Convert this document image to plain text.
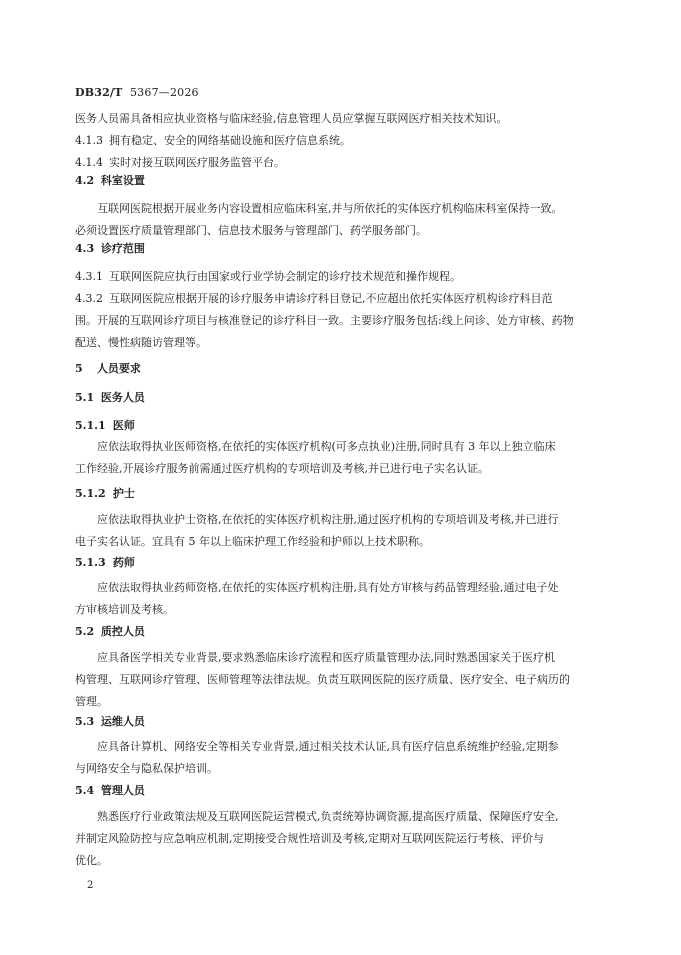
DB32/T 5367—2026
医务人员需具备相应执业资格与临床经验,信息管理人员应掌握互联网医疗相关技术知识。
4.1.3 拥有稳定、安全的网络基础设施和医疗信息系统。
4.1.4 实时对接互联网医疗服务监管平台。
4.2 科室设置
互联网医院根据开展业务内容设置相应临床科室,并与所依托的实体医疗机构临床科室保持一致。
必须设置医疗质量管理部门、信息技术服务与管理部门、药学服务部门。
4.3 诊疗范围
4.3.1 互联网医院应执行由国家或行业学协会制定的诊疗技术规范和操作规程。
4.3.2 互联网医院应根据开展的诊疗服务申请诊疗科目登记,不应超出依托实体医疗机构诊疗科目范
围。开展的互联网诊疗项目与核准登记的诊疗科目一致。主要诊疗服务包括:线上问诊、处方审核、药物
配送、慢性病随访管理等。
5 人员要求
5.1 医务人员
5.1.1 医师
应依法取得执业医师资格,在依托的实体医疗机构(可多点执业)注册,同时具有 3 年以上独立临床
工作经验,开展诊疗服务前需通过医疗机构的专项培训及考核,并已进行电子实名认证。
5.1.2 护士
应依法取得执业护士资格,在依托的实体医疗机构注册,通过医疗机构的专项培训及考核,并已进行
电子实名认证。宜具有 5 年以上临床护理工作经验和护师以上技术职称。
5.1.3 药师
应依法取得执业药师资格,在依托的实体医疗机构注册,具有处方审核与药品管理经验,通过电子处
方审核培训及考核。
5.2 质控人员
应具备医学相关专业背景,要求熟悉临床诊疗流程和医疗质量管理办法,同时熟悉国家关于医疗机
构管理、互联网诊疗管理、医师管理等法律法规。负责互联网医院的医疗质量、医疗安全、电子病历的
管理。
5.3 运维人员
应具备计算机、网络安全等相关专业背景,通过相关技术认证,具有医疗信息系统维护经验,定期参
与网络安全与隐私保护培训。
5.4 管理人员
熟悉医疗行业政策法规及互联网医院运营模式,负责统筹协调资源,提高医疗质量、保障医疗安全,
并制定风险防控与应急响应机制,定期接受合规性培训及考核,定期对互联网医院运行考核、评价与
优化。
2
